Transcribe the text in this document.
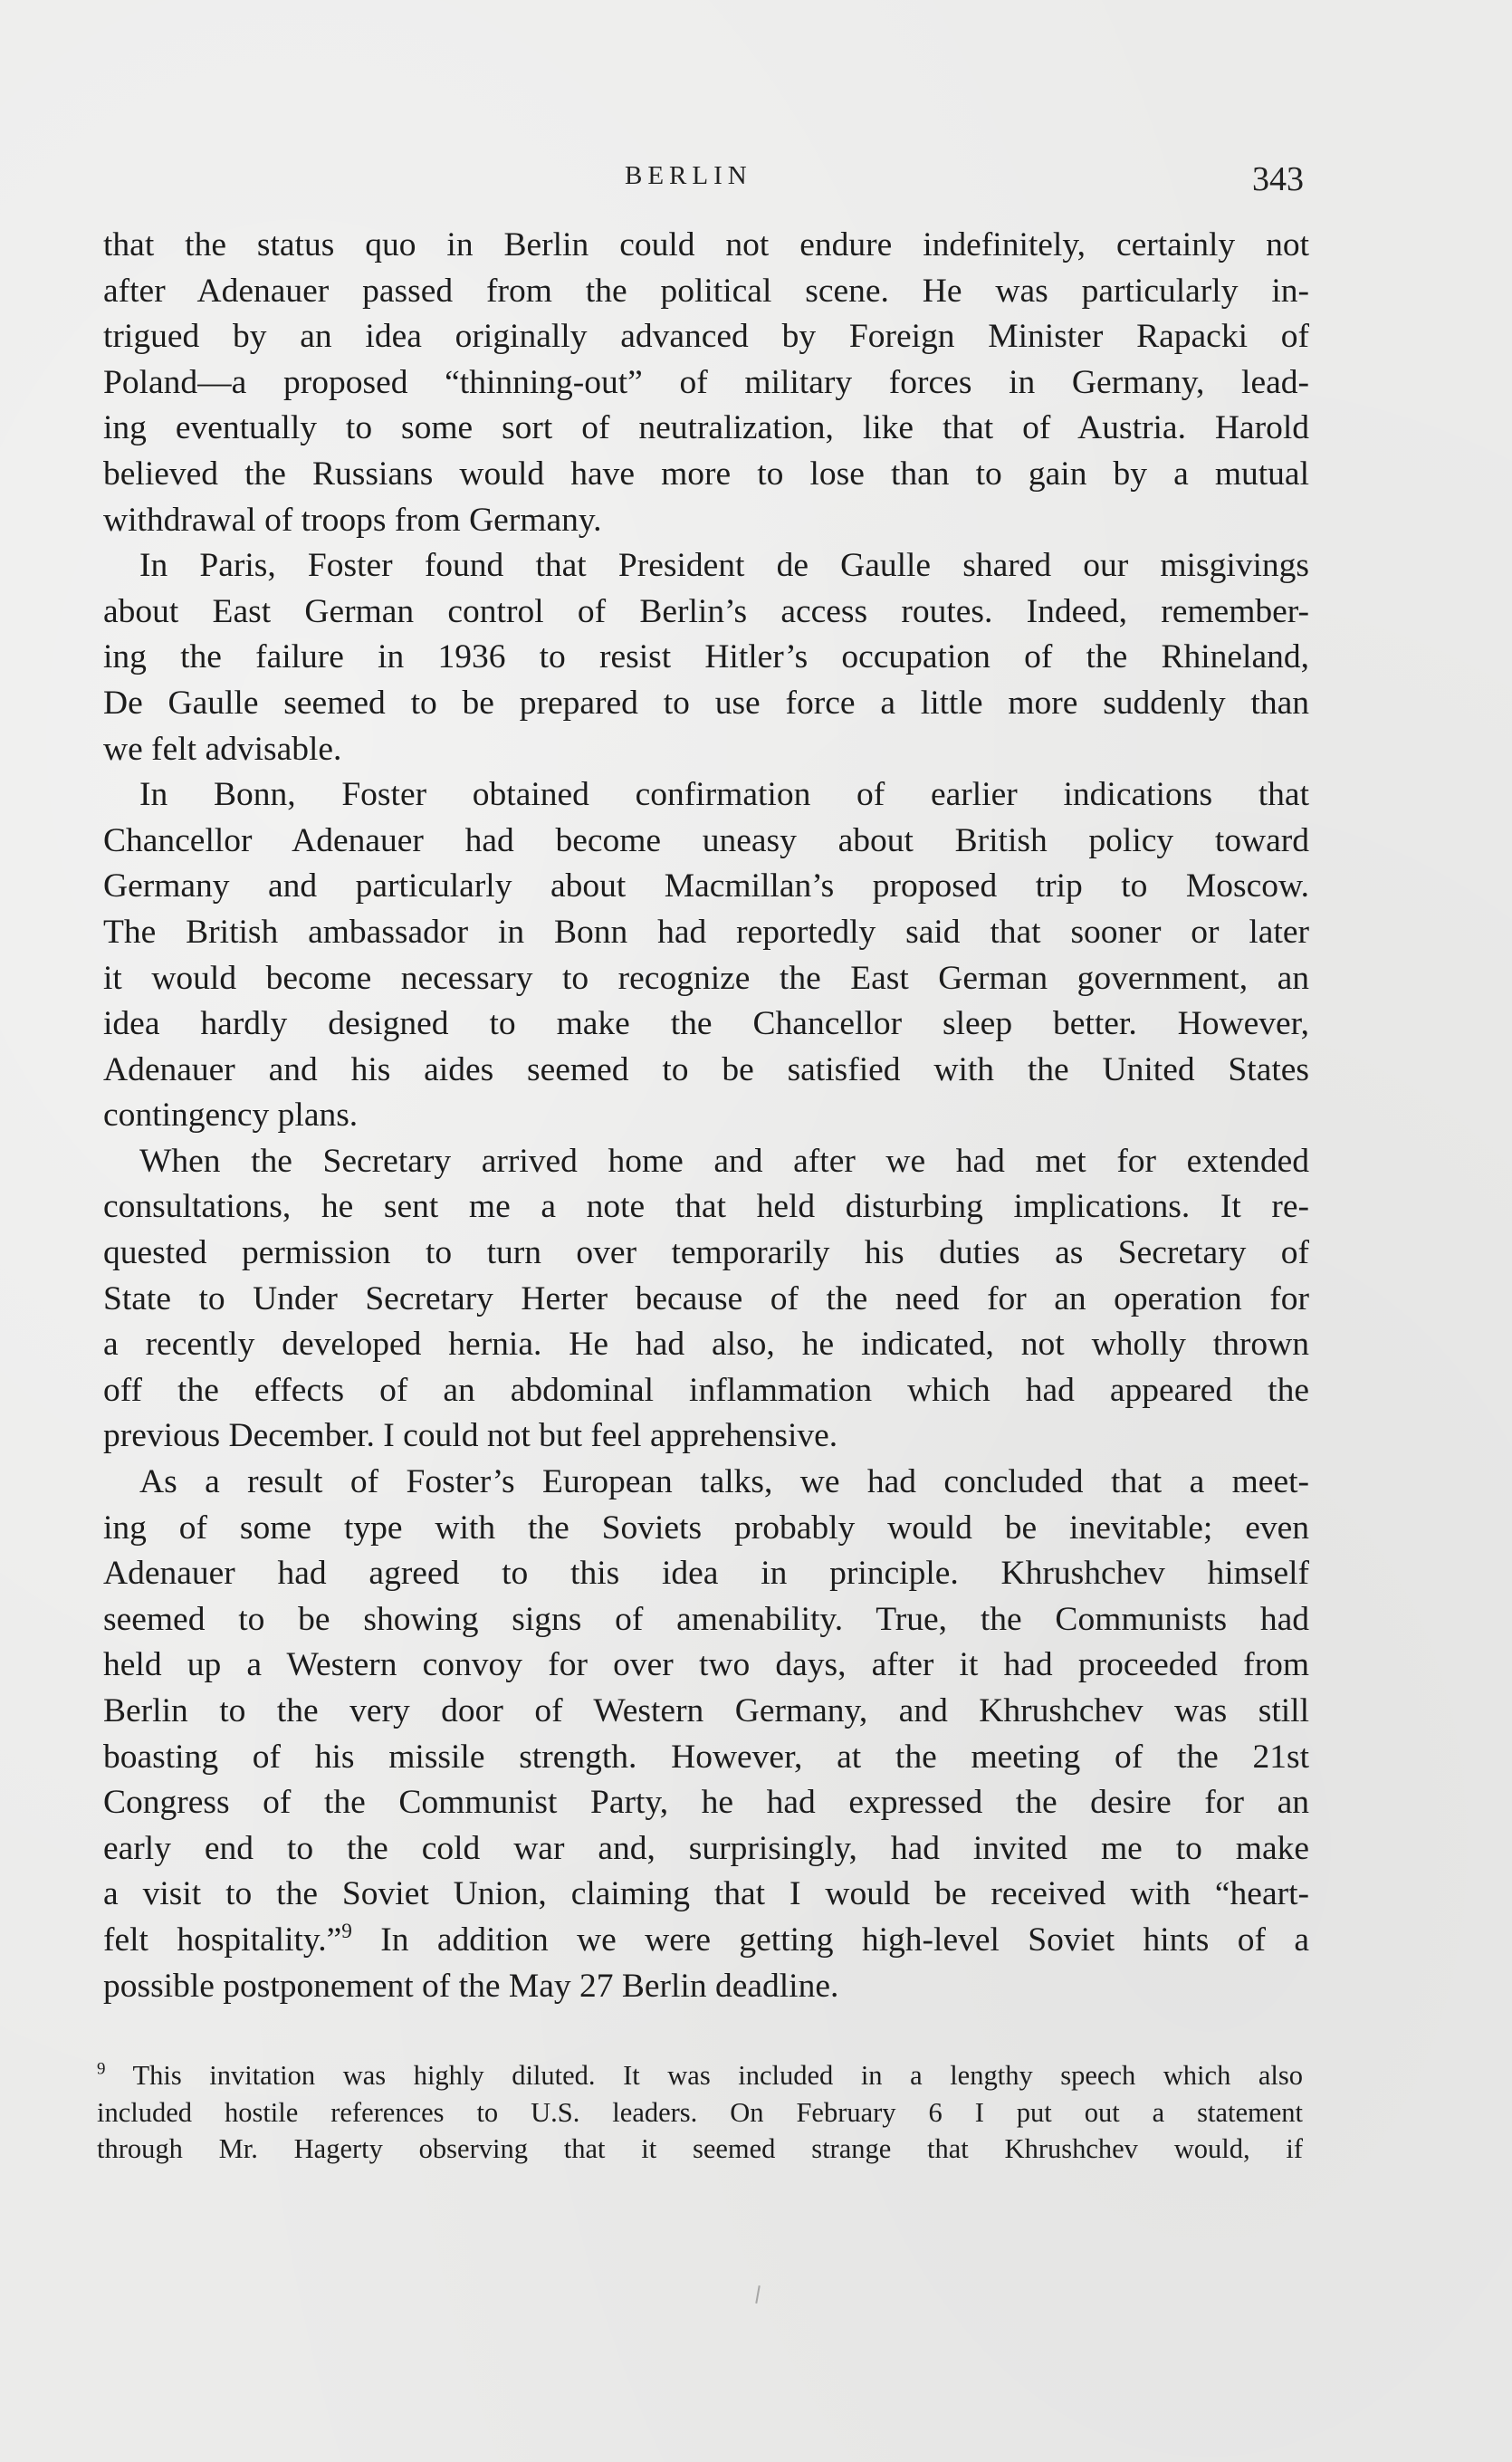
BERLIN	343
that the status quo in Berlin could not endure indefinitely, certainly not
after Adenauer passed from the political scene. He was particularly in-
trigued by an idea originally advanced by Foreign Minister Rapacki of
Poland—a proposed “thinning-out” of military forces in Germany, lead-
ing eventually to some sort of neutralization, like that of Austria. Harold
believed the Russians would have more to lose than to gain by a mutual
withdrawal of troops from Germany.
In Paris, Foster found that President de Gaulle shared our misgivings
about East German control of Berlin’s access routes. Indeed, remember-
ing the failure in 1936 to resist Hitler’s occupation of the Rhineland,
De Gaulle seemed to be prepared to use force a little more suddenly than
we felt advisable.
In Bonn, Foster obtained confirmation of earlier indications that
Chancellor Adenauer had become uneasy about British policy toward
Germany and particularly about Macmillan’s proposed trip to Moscow.
The British ambassador in Bonn had reportedly said that sooner or later
it would become necessary to recognize the East German government, an
idea hardly designed to make the Chancellor sleep better. However,
Adenauer and his aides seemed to be satisfied with the United States
contingency plans.
When the Secretary arrived home and after we had met for extended
consultations, he sent me a note that held disturbing implications. It re-
quested permission to turn over temporarily his duties as Secretary of
State to Under Secretary Herter because of the need for an operation for
a recently developed hernia. He had also, he indicated, not wholly thrown
off the effects of an abdominal inflammation which had appeared the
previous December. I could not but feel apprehensive.
As a result of Foster’s European talks, we had concluded that a meet-
ing of some type with the Soviets probably would be inevitable; even
Adenauer had agreed to this idea in principle. Khrushchev himself
seemed to be showing signs of amenability. True, the Communists had
held up a Western convoy for over two days, after it had proceeded from
Berlin to the very door of Western Germany, and Khrushchev was still
boasting of his missile strength. However, at the meeting of the 21st
Congress of the Communist Party, he had expressed the desire for an
early end to the cold war and, surprisingly, had invited me to make
a visit to the Soviet Union, claiming that I would be received with “heart-
felt hospitality.”$^9$ In addition we were getting high-level Soviet hints of a
possible postponement of the May 27 Berlin deadline.
$^9$ This invitation was highly diluted. It was included in a lengthy speech which also
included hostile references to U.S. leaders. On February 6 I put out a statement
through Mr. Hagerty observing that it seemed strange that Khrushchev would, if
